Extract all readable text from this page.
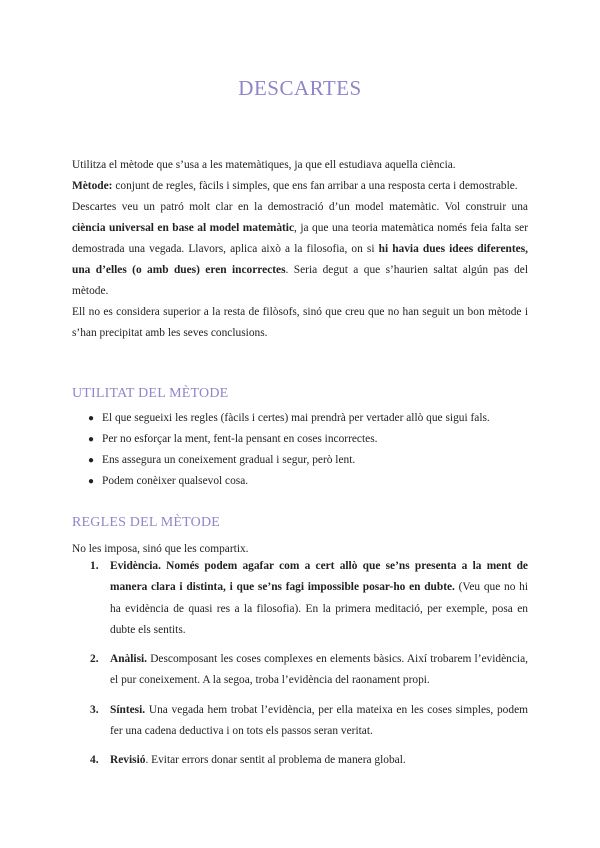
DESCARTES

Utilitza el mètode que s’usa a les matemàtiques, ja que ell estudiava aquella ciència.

Mètode: conjunt de regles, fàcils i simples, que ens fan arribar a una resposta certa i demostrable.

Descartes veu un patró molt clar en la demostració d’un model matemàtic. Vol construir una ciència universal en base al model matemàtic, ja que una teoria matemàtica només feia falta ser demostrada una vegada. Llavors, aplica això a la filosofia, on si hi havia dues idees diferentes, una d’elles (o amb dues) eren incorrectes. Seria degut a que s’haurien saltat algún pas del mètode.

Ell no es considera superior a la resta de filòsofs, sinó que creu que no han seguit un bon mètode i s’han precipitat amb les seves conclusions.

UTILITAT DEL MÈTODE
● El que segueixi les regles (fàcils i certes) mai prendrà per vertader allò que sigui fals.
● Per no esforçar la ment, fent-la pensant en coses incorrectes.
● Ens assegura un coneixement gradual i segur, però lent.
● Podem conèixer qualsevol cosa.
REGLES DEL MÈTODE

No les imposa, sinó que les compartix.

1. Evidència. Només podem agafar com a cert allò que se’ns presenta a la ment de manera clara i distinta, i que se’ns fagi impossible posar-ho en dubte. (Veu que no hi ha evidència de quasi res a la filosofia). En la primera meditació, per exemple, posa en dubte els sentits.
2. Anàlisi. Descomposant les coses complexes en elements bàsics. Així trobarem l’evidència, el pur coneixement. A la segoa, troba l’evidència del raonament propi.
3. Síntesi. Una vegada hem trobat l’evidència, per ella mateixa en les coses simples, podem fer una cadena deductiva i on tots els passos seran veritat.
4. Revisió. Evitar errors donar sentit al problema de manera global.
